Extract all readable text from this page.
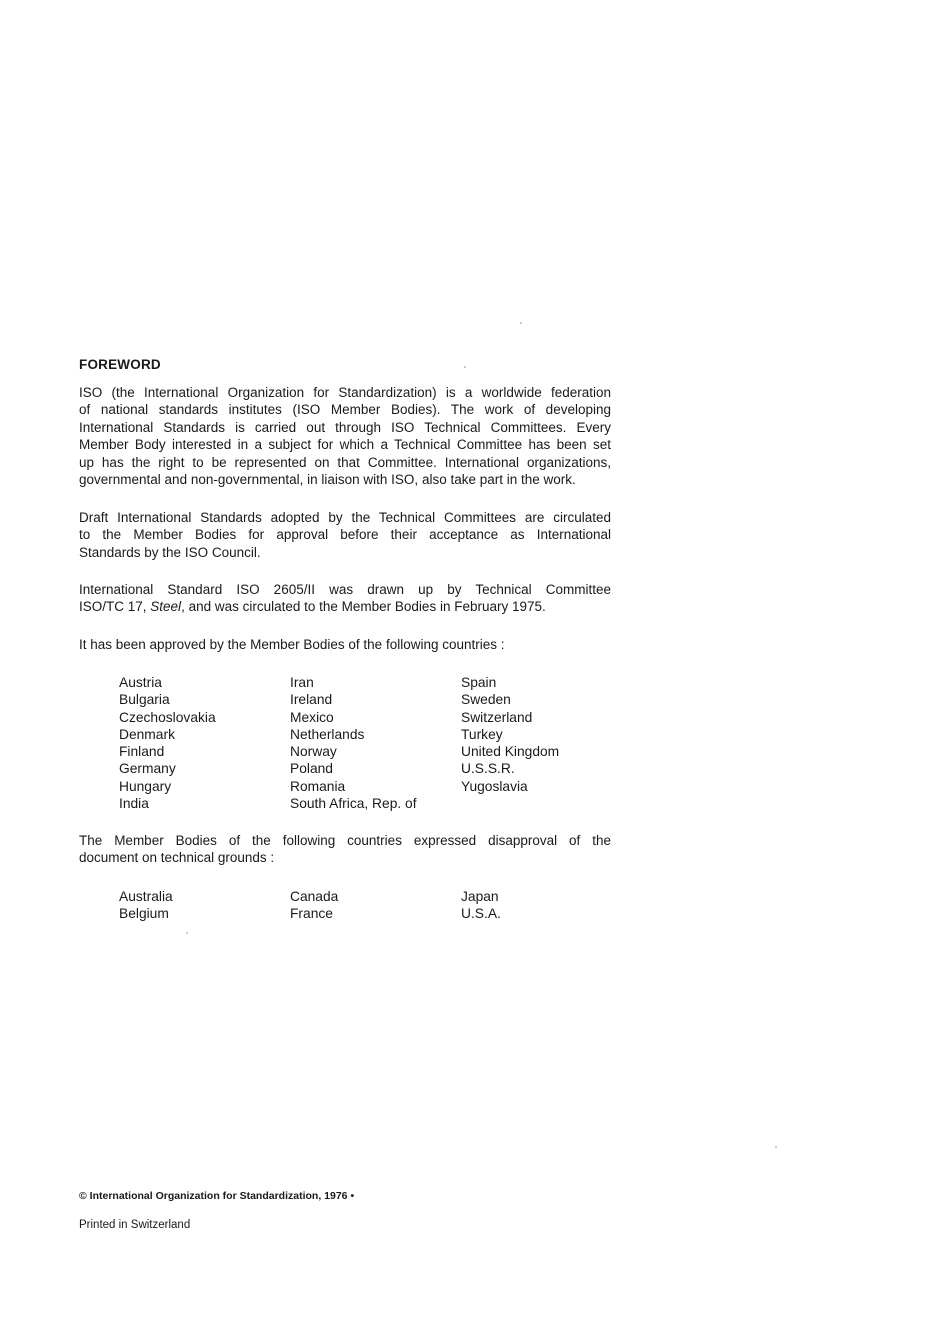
FOREWORD

ISO (the International Organization for Standardization) is a worldwide federation
of national standards institutes (ISO Member Bodies). The work of developing
International Standards is carried out through ISO Technical Committees. Every
Member Body interested in a subject for which a Technical Committee has been set
up has the right to be represented on that Committee. International organizations,
governmental and non-governmental, in liaison with ISO, also take part in the work.

Draft International Standards adopted by the Technical Committees are circulated
to the Member Bodies for approval before their acceptance as International
Standards by the ISO Council.

International Standard ISO 2605/II was drawn up by Technical Committee
ISO/TC 17, Steel, and was circulated to the Member Bodies in February 1975.

It has been approved by the Member Bodies of the following countries :

Austria
Bulgaria
Czechoslovakia
Denmark
Finland
Germany
Hungary
India
Iran
Ireland
Mexico
Netherlands
Norway
Poland
Romania
South Africa, Rep. of
Spain
Sweden
Switzerland
Turkey
United Kingdom
U.S.S.R.
Yugoslavia

The Member Bodies of the following countries expressed disapproval of the
document on technical grounds :

Australia
Belgium
Canada
France
Japan
U.S.A.

© International Organization for Standardization, 1976 •

Printed in Switzerland
